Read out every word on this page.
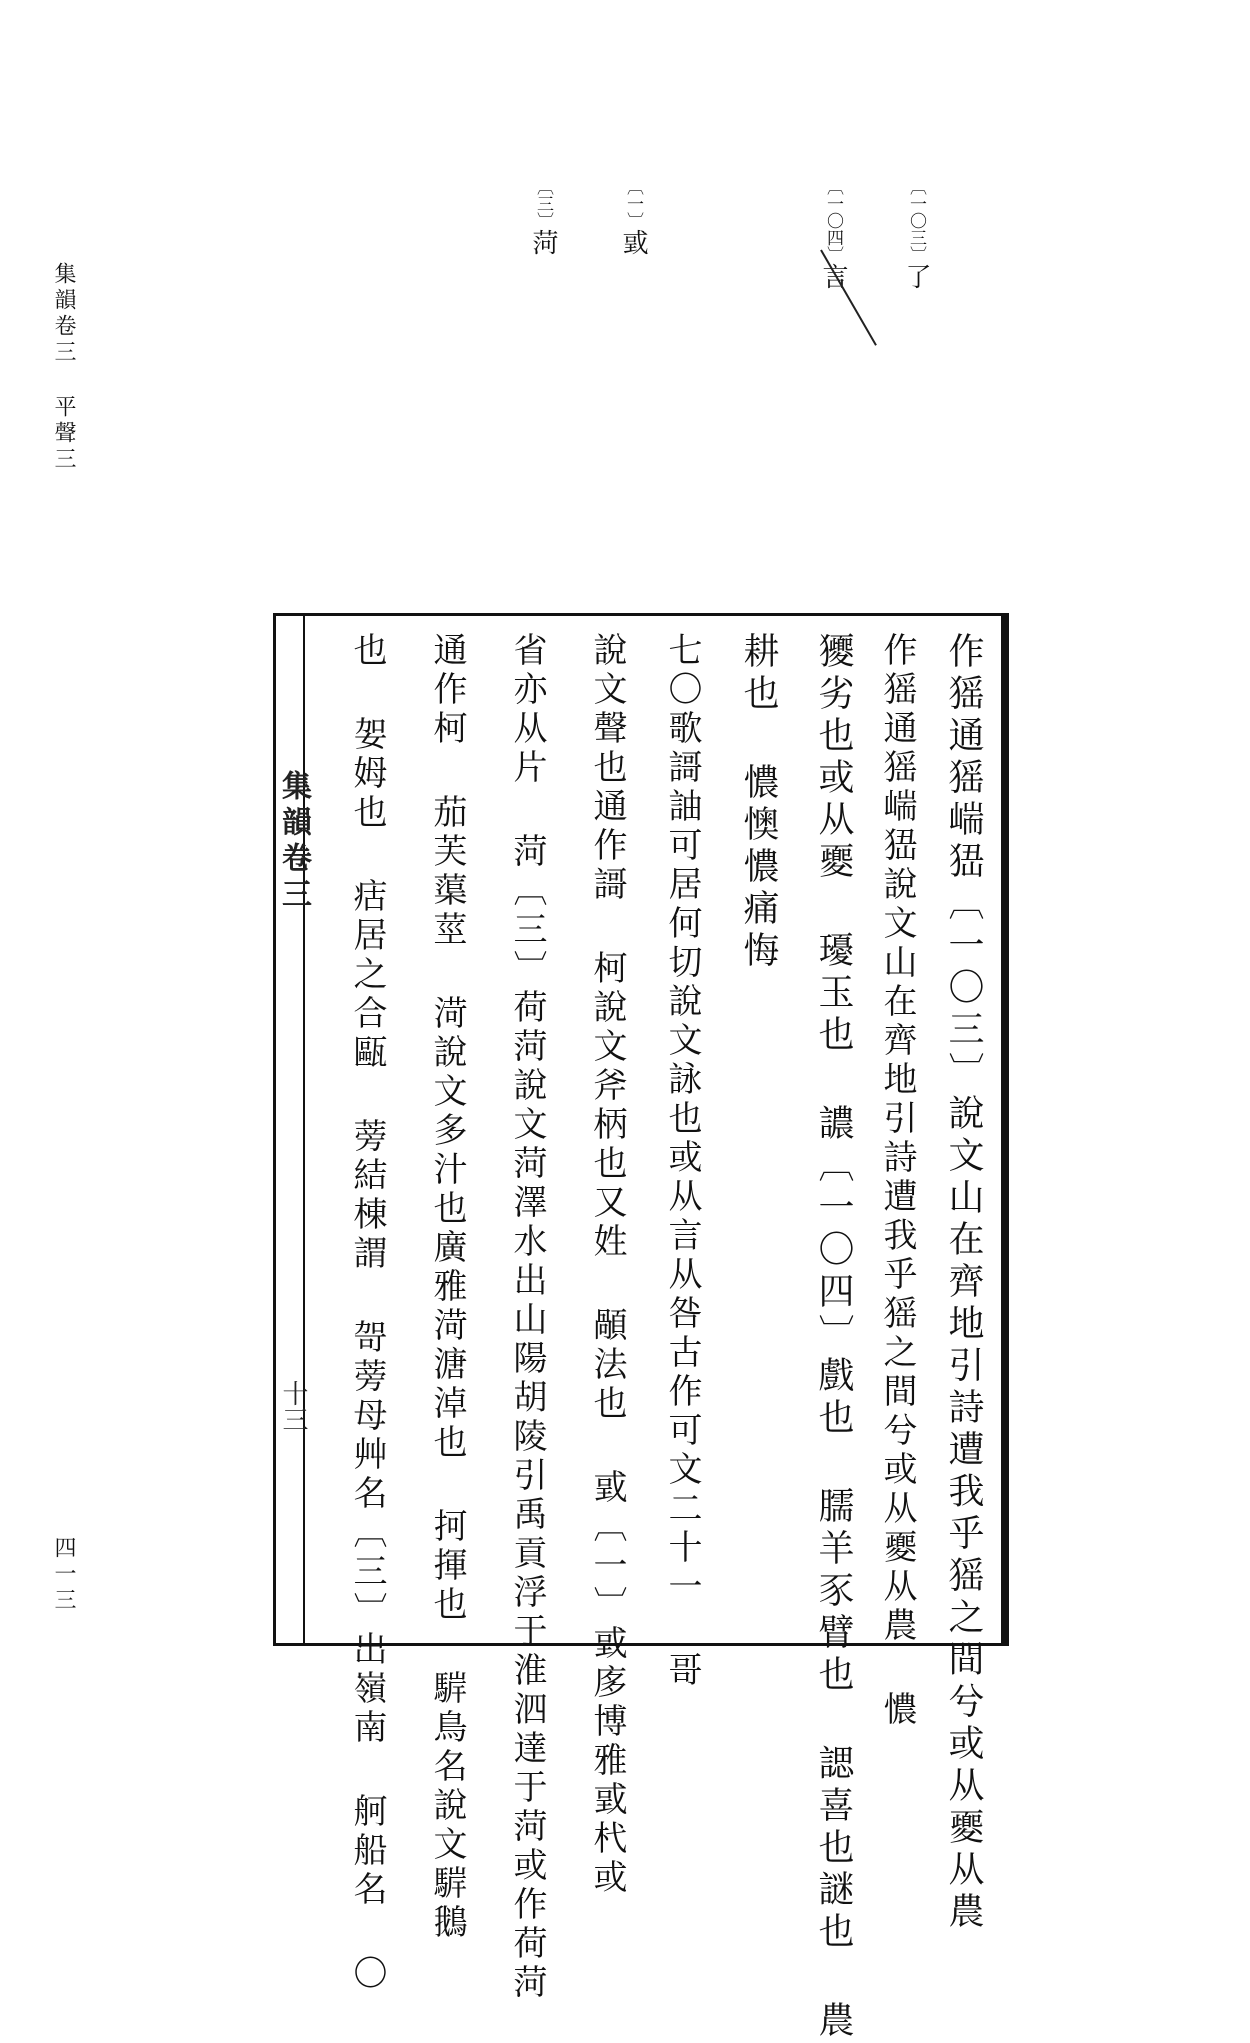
集韻卷三 平聲三
四一三
〔一〇三〕了
〔一〇四〕言
〔一〕戜
〔三〕菏
集韻卷三
十三	作猺通猺㟨峱〔一〇三〕說文山在齊地引詩遭我乎猺之間兮或从夒从農
作猺通猺㟨峱說文山在齊地引詩遭我乎猺之間兮或从夒从農 憹
獿劣也或从夒 瓇玉也 譨〔一〇四〕戲也 臑羊豕臂也 諰喜也謎也 農
耕也 憹懊憹痛悔
七〇歌謌䛆可居何切說文詠也或从言从咎古作可文二十一 哥
說文聲也通作謌 柯說文斧柄也又姓 䫚法也 戜〔一〕戜㢁博雅戜杙或
省亦从片 菏〔三〕荷菏說文菏澤水出山陽胡陵引禹貢浮于淮泗達于菏或作荷菏
通作柯 茄芙蕖莖 渮說文多汁也廣雅渮溏淖也 抲揮也 䮗鳥名說文䮗鵝
也 妿姆也 㽽居之合甌 蒡結棟謂 哿蒡母艸名〔三〕出嶺南 舸船名 〇
